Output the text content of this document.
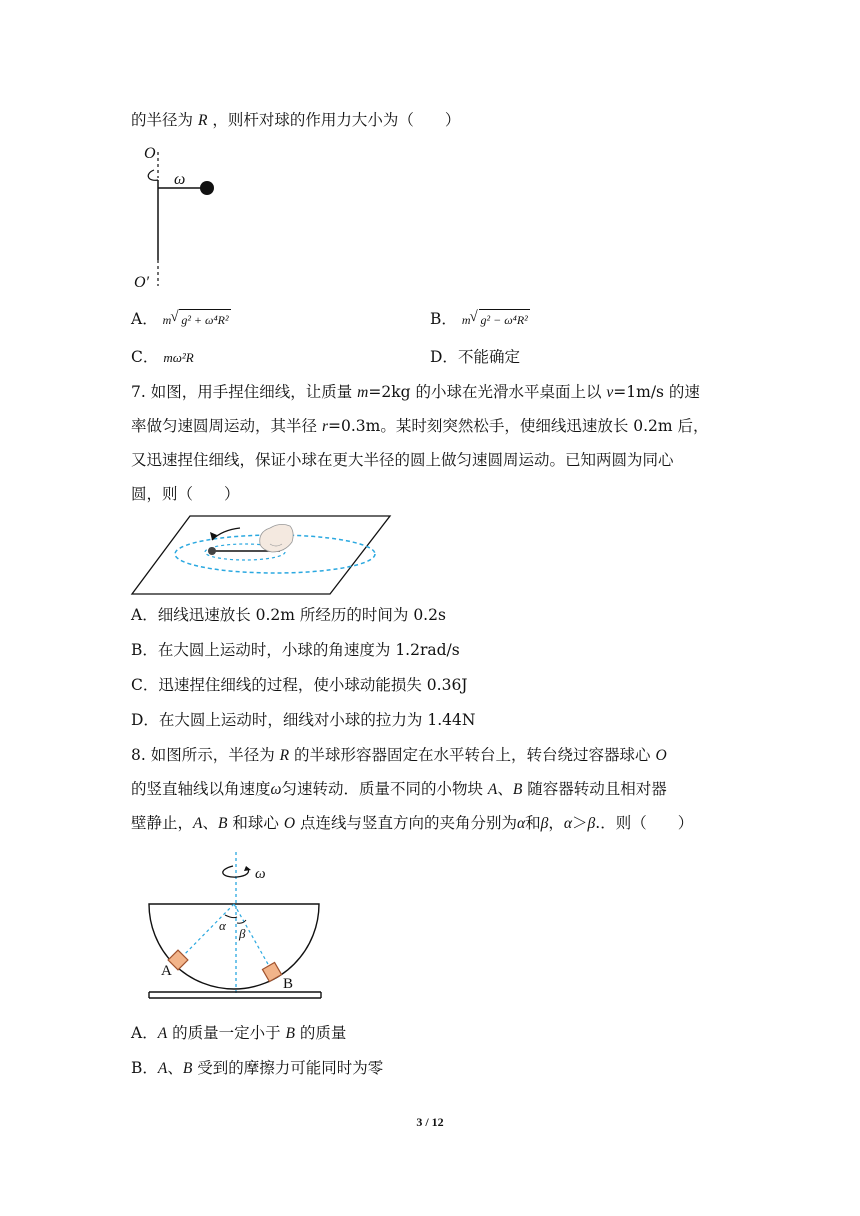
的半径为 R ，则杆对球的作用力大小为（　　）
O
ω
O′
A． m √ g² + ω⁴R²	B． m √ g² − ω⁴R²
C． mω²R	D．不能确定
7. 如图，用手捏住细线，让质量 m=2kg 的小球在光滑水平桌面上以 v=1m/s 的速
率做匀速圆周运动，其半径 r=0.3m。某时刻突然松手，使细线迅速放长 0.2m 后，
又迅速捏住细线，保证小球在更大半径的圆上做匀速圆周运动。已知两圆为同心
圆，则（　　）
A．细线迅速放长 0.2m 所经历的时间为 0.2s
B．在大圆上运动时，小球的角速度为 1.2rad/s
C．迅速捏住细线的过程，使小球动能损失 0.36J
D．在大圆上运动时，细线对小球的拉力为 1.44N
8. 如图所示，半径为 R 的半球形容器固定在水平转台上，转台绕过容器球心 O
的竖直轴线以角速度ω匀速转动．质量不同的小物块 A、B 随容器转动且相对器
壁静止，A、B 和球心 O 点连线与竖直方向的夹角分别为α和β，α＞β.．则（　　）
ω
α
β
A
B
A．A 的质量一定小于 B 的质量
B．A、B 受到的摩擦力可能同时为零
3 / 12
